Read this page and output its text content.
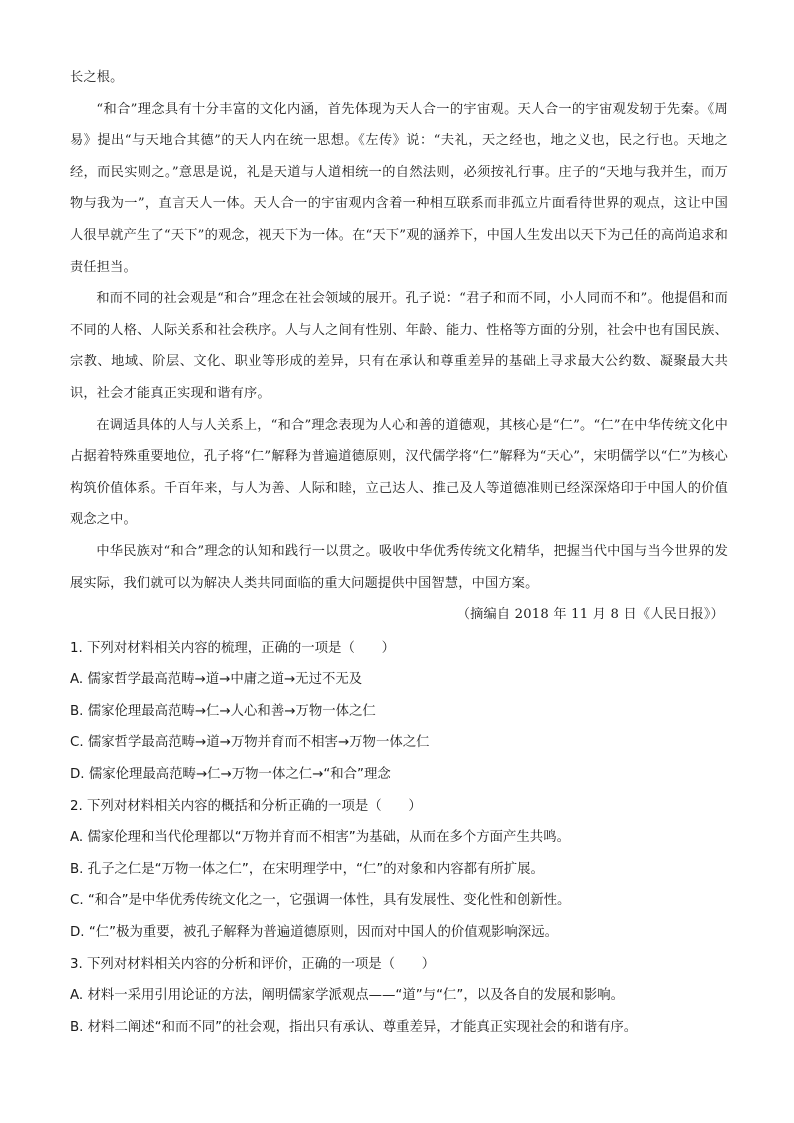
长之根。

“和合”理念具有十分丰富的文化内涵，首先体现为天人合一的宇宙观。天人合一的宇宙观发轫于先秦。《周易》提出“与天地合其德”的天人内在统一思想。《左传》说：“夫礼，天之经也，地之义也，民之行也。天地之经，而民实则之。”意思是说，礼是天道与人道相统一的自然法则，必须按礼行事。庄子的“天地与我并生，而万物与我为一”，直言天人一体。天人合一的宇宙观内含着一种相互联系而非孤立片面看待世界的观点，这让中国人很早就产生了“天下”的观念，视天下为一体。在“天下”观的涵养下，中国人生发出以天下为己任的高尚追求和责任担当。

和而不同的社会观是“和合”理念在社会领域的展开。孔子说：“君子和而不同，小人同而不和”。他提倡和而不同的人格、人际关系和社会秩序。人与人之间有性别、年龄、能力、性格等方面的分别，社会中也有国民族、宗教、地域、阶层、文化、职业等形成的差异，只有在承认和尊重差异的基础上寻求最大公约数、凝聚最大共识，社会才能真正实现和谐有序。

在调适具体的人与人关系上，“和合”理念表现为人心和善的道德观，其核心是“仁”。“仁”在中华传统文化中占据着特殊重要地位，孔子将“仁”解释为普遍道德原则，汉代儒学将“仁”解释为“天心”，宋明儒学以“仁”为核心构筑价值体系。千百年来，与人为善、人际和睦，立己达人、推己及人等道德准则已经深深烙印于中国人的价值观念之中。

中华民族对“和合”理念的认知和践行一以贯之。吸收中华优秀传统文化精华，把握当代中国与当今世界的发展实际，我们就可以为解决人类共同面临的重大问题提供中国智慧，中国方案。

（摘编自 2018 年 11 月 8 日《人民日报》）

1. 下列对材料相关内容的梳理，正确的一项是（　　）

A. 儒家哲学最高范畴→道→中庸之道→无过不无及

B. 儒家伦理最高范畴→仁→人心和善→万物一体之仁

C. 儒家哲学最高范畴→道→万物并育而不相害→万物一体之仁

D. 儒家伦理最高范畴→仁→万物一体之仁→“和合”理念

2. 下列对材料相关内容的概括和分析正确的一项是（　　）

A. 儒家伦理和当代伦理都以“万物并育而不相害”为基础，从而在多个方面产生共鸣。

B. 孔子之仁是“万物一体之仁”，在宋明理学中，“仁”的对象和内容都有所扩展。

C. “和合”是中华优秀传统文化之一，它强调一体性，具有发展性、变化性和创新性。

D. “仁”极为重要，被孔子解释为普遍道德原则，因而对中国人的价值观影响深远。

3. 下列对材料相关内容的分析和评价，正确的一项是（　　）

A. 材料一采用引用论证的方法，阐明儒家学派观点——“道”与“仁”，以及各自的发展和影响。

B. 材料二阐述“和而不同”的社会观，指出只有承认、尊重差异，才能真正实现社会的和谐有序。
